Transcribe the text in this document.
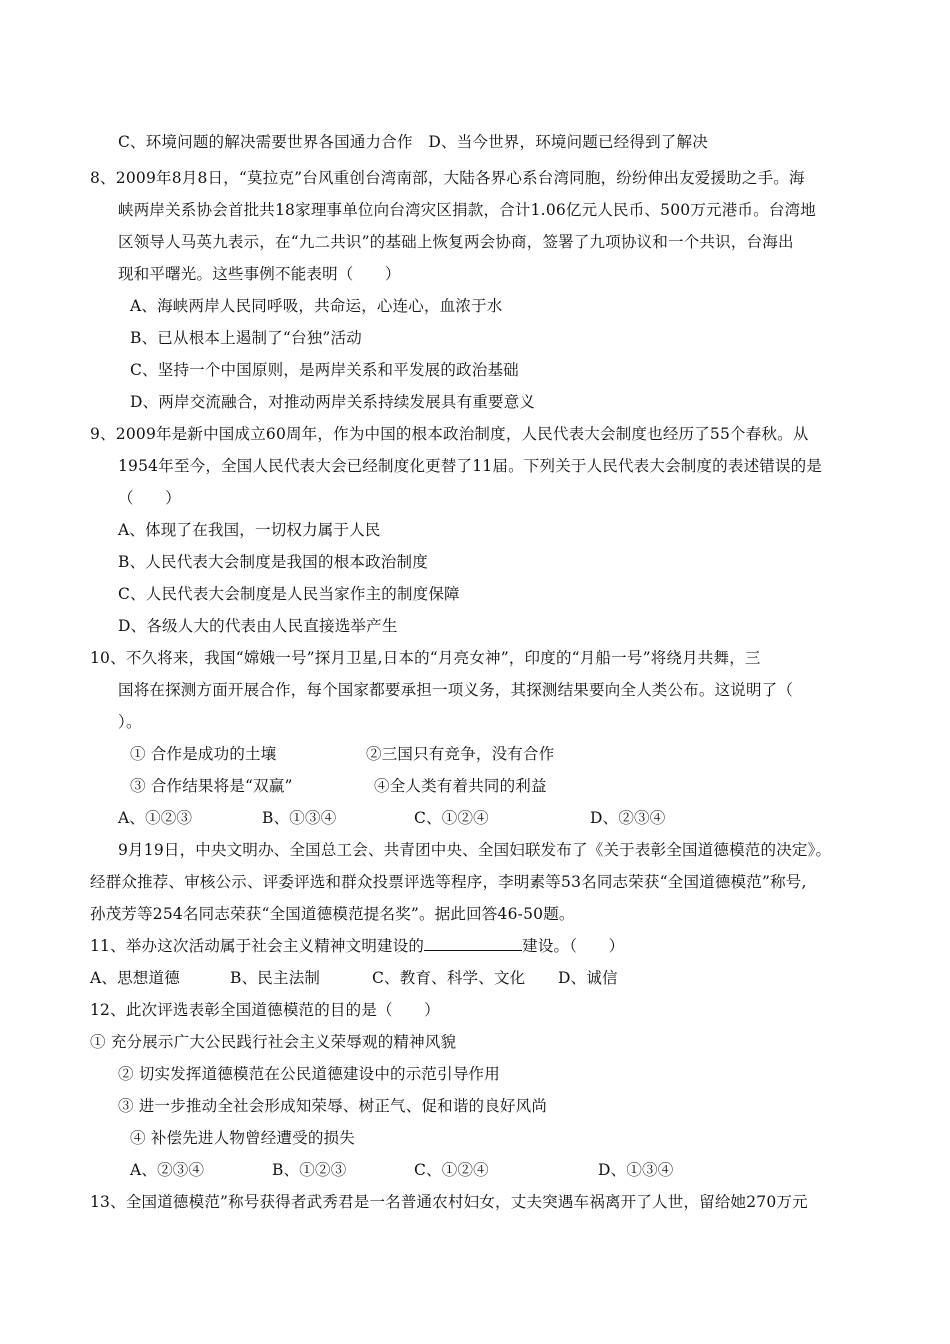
C、环境问题的解决需要世界各国通力合作　D、当今世界，环境问题已经得到了解决
8、2009年8月8日，“莫拉克”台风重创台湾南部，大陆各界心系台湾同胞，纷纷伸出友爱援助之手。海
峡两岸关系协会首批共18家理事单位向台湾灾区捐款，合计1.06亿元人民币、500万元港币。台湾地
区领导人马英九表示，在“九二共识”的基础上恢复两会协商，签署了九项协议和一个共识，台海出
现和平曙光。这些事例不能表明（　　）
A、海峡两岸人民同呼吸，共命运，心连心，血浓于水
B、已从根本上遏制了“台独”活动
C、坚持一个中国原则，是两岸关系和平发展的政治基础
D、两岸交流融合，对推动两岸关系持续发展具有重要意义
9、2009年是新中国成立60周年，作为中国的根本政治制度，人民代表大会制度也经历了55个春秋。从
1954年至今，全国人民代表大会已经制度化更替了11届。下列关于人民代表大会制度的表述错误的是
（　　）
A、体现了在我国，一切权力属于人民
B、人民代表大会制度是我国的根本政治制度
C、人民代表大会制度是人民当家作主的制度保障
D、各级人大的代表由人民直接选举产生
10、不久将来，我国“嫦娥一号”探月卫星,日本的“月亮女神”，印度的“月船一号”将绕月共舞，三
国将在探测方面开展合作，每个国家都要承担一项义务，其探测结果要向全人类公布。这说明了（
）。
① 合作是成功的土壤	②三国只有竞争，没有合作
③ 合作结果将是“双赢”	④全人类有着共同的利益
A、①②③	B、①③④	C、①②④	D、②③④
9月19日，中央文明办、全国总工会、共青团中央、全国妇联发布了《关于表彰全国道德模范的决定》。
经群众推荐、审核公示、评委评选和群众投票评选等程序，李明素等53名同志荣获“全国道德模范”称号,
孙茂芳等254名同志荣获“全国道德模范提名奖”。据此回答46-50题。
11、举办这次活动属于社会主义精神文明建设的	建设。（　　）
A、思想道德	B、民主法制	C、教育、科学、文化 D、诚信
12、此次评选表彰全国道德模范的目的是（　　）
① 充分展示广大公民践行社会主义荣辱观的精神风貌
② 切实发挥道德模范在公民道德建设中的示范引导作用
③ 进一步推动全社会形成知荣辱、树正气、促和谐的良好风尚
④ 补偿先进人物曾经遭受的损失
A、②③④	B、①②③	C、①②④	D、①③④
13、全国道德模范”称号获得者武秀君是一名普通农村妇女，丈夫突遇车祸离开了人世，留给她270万元
